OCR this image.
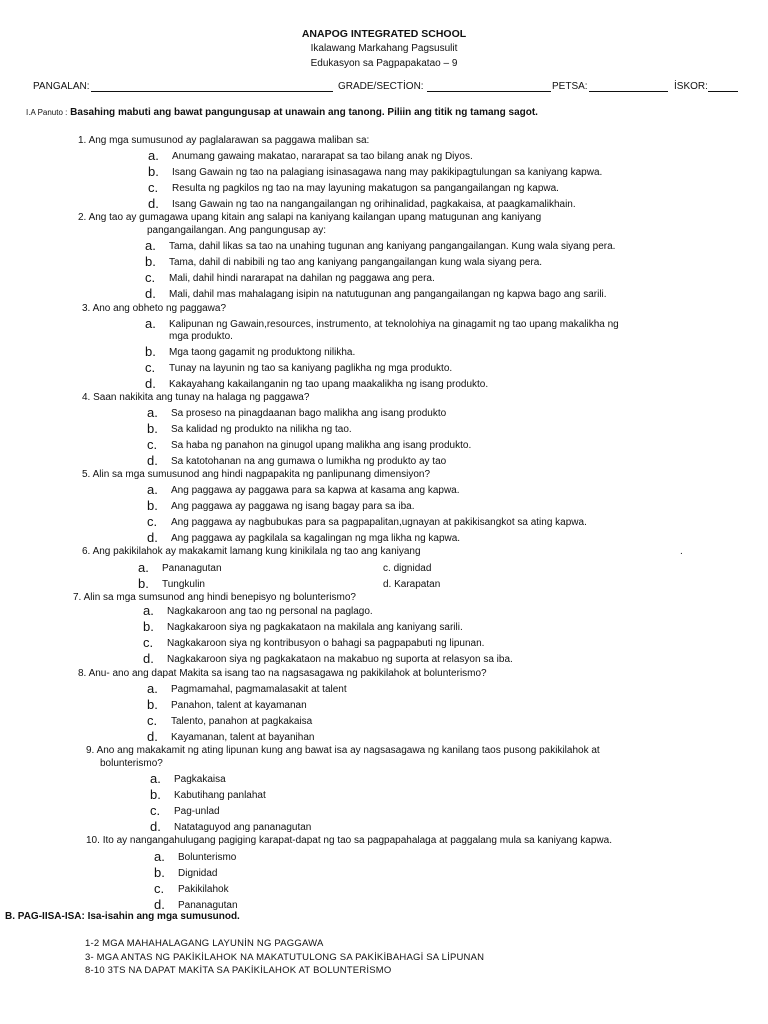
ANAPOG INTEGRATED SCHOOL
Ikalawang Markahang Pagsusulit
Edukasyon sa Pagpapakatao – 9
PANGALAN:	GRADE/SECTİON:	PETSA:	İSKOR:
I.A Panuto : Basahing mabuti ang bawat pangungusap at unawain ang tanong. Piliin ang titik ng tamang sagot.
1. Ang mga sumusunod ay paglalarawan sa paggawa maliban sa:
a. Anumang gawaing makatao, nararapat sa tao bilang anak ng Diyos.
b. Isang Gawain ng tao na palagiang isinasagawa nang may pakikipagtulungan sa kaniyang kapwa.
c. Resulta ng pagkilos ng tao na may layuning makatugon sa pangangailangan ng kapwa.
d. Isang Gawain ng tao na nangangailangan ng orihinalidad, pagkakaisa, at paagkamalikhain.
2. Ang tao ay gumagawa upang kitain ang salapi na kaniyang kailangan upang matugunan ang kaniyang
pangangailangan. Ang pangungusap ay:
a. Tama, dahil likas sa tao na unahing tugunan ang kaniyang pangangailangan. Kung wala siyang pera.
b. Tama, dahil di nabibili ng tao ang kaniyang pangangailangan kung wala siyang pera.
c. Mali, dahil hindi nararapat na dahilan ng paggawa ang pera.
d. Mali, dahil mas mahalagang isipin na natutugunan ang pangangailangan ng kapwa bago ang sarili.
3. Ano ang obheto ng paggawa?
a. Kalipunan ng Gawain,resources, instrumento, at teknolohiya na ginagamit ng tao upang makalikha ng
mga produkto.
b. Mga taong gagamit ng produktong nilikha.
c. Tunay na layunin ng tao sa kaniyang paglikha ng mga produkto.
d. Kakayahang kakailanganin ng tao upang maakalikha ng isang produkto.
4. Saan nakikita ang tunay na halaga ng paggawa?
a. Sa proseso na pinagdaanan bago malikha ang isang produkto
b. Sa kalidad ng produkto na nilikha ng tao.
c. Sa haba ng panahon na ginugol upang malikha ang isang produkto.
d. Sa katotohanan na ang gumawa o lumikha ng produkto ay tao
5. Alin sa mga sumusunod ang hindi nagpapakita ng panlipunang dimensiyon?
a. Ang paggawa ay paggawa para sa kapwa at kasama ang kapwa.
b. Ang paggawa ay paggawa ng isang bagay para sa iba.
c. Ang paggawa ay nagbubukas para sa pagpapalitan,ugnayan at pakikisangkot sa ating kapwa.
d. Ang paggawa ay pagkilala sa kagalingan ng mga likha ng kapwa.
6. Ang pakikilahok ay makakamit lamang kung kinikilala ng tao ang kaniyang	.
a. Pananagutan
b. Tungkulin
c. dignidad
d. Karapatan
7. Alin sa mga sumsunod ang hindi benepisyo ng bolunterismo?
a. Nagkakaroon ang tao ng personal na paglago.
b. Nagkakaroon siya ng pagkakataon na makilala ang kaniyang sarili.
c. Nagkakaroon siya ng kontribusyon o bahagi sa pagpapabuti ng lipunan.
d. Nagkakaroon siya ng pagkakataon na makabuo ng suporta at relasyon sa iba.
8. Anu- ano ang dapat Makita sa isang tao na nagsasagawa ng pakikilahok at bolunterismo?
a. Pagmamahal, pagmamalasakit at talent
b. Panahon, talent at kayamanan
c. Talento, panahon at pagkakaisa
d. Kayamanan, talent at bayanihan
9. Ano ang makakamit ng ating lipunan kung ang bawat isa ay nagsasagawa ng kanilang taos pusong pakikilahok at
bolunterismo?
a. Pagkakaisa
b. Kabutihang panlahat
c. Pag-unlad
d. Natataguyod ang pananagutan
10. Ito ay nangangahulugang pagiging karapat-dapat ng tao sa pagpapahalaga at paggalang mula sa kaniyang kapwa.
a. Bolunterismo
b. Dignidad
c. Pakikilahok
d. Pananagutan
B. PAG-IISA-ISA: Isa-isahin ang mga sumusunod.
1-2 MGA MAHAHALAGANG LAYUNİN NG PAGGAWA
3- MGA ANTAS NG PAKİKİLAHOK NA MAKATUTULONG SA PAKİKİBAHAGİ SA LİPUNAN
8-10 3TS NA DAPAT MAKİTA SA PAKİKİLAHOK AT BOLUNTERİSMO
